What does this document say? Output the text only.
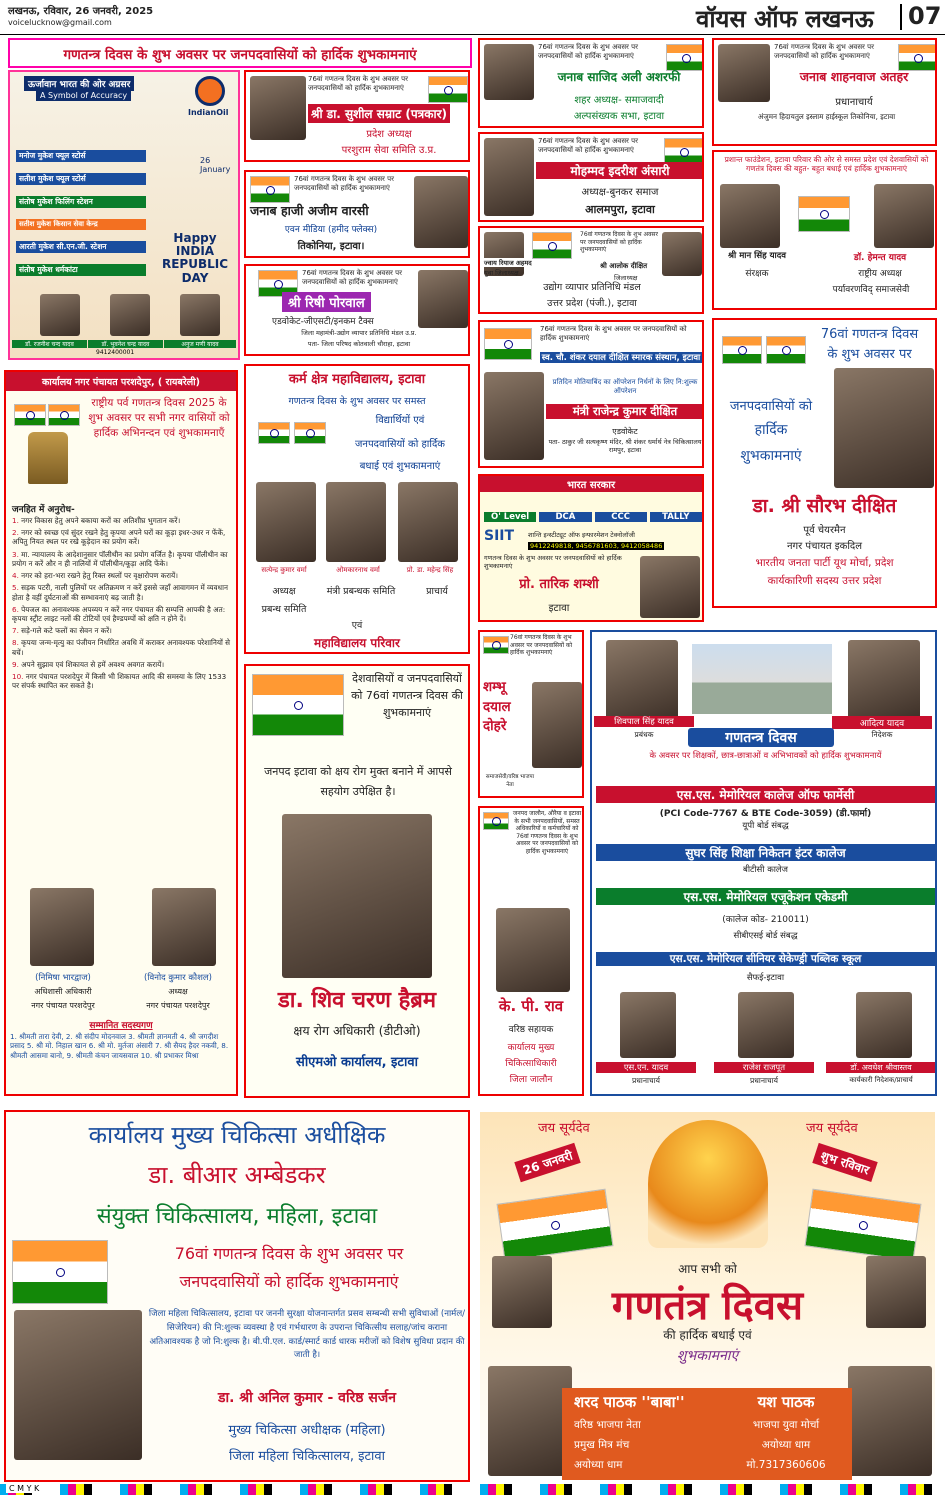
लखनऊ, रविवार, 26 जनवरी, 2025
voicelucknow@gmail.com	वॉयस ऑफ लखनऊ 07
गणतन्त्र दिवस के शुभ अवसर पर जनपदवासियों को हार्दिक शुभकामनाएं
ऊर्जावान भारत की ओर अग्रसर
A Symbol of Accuracy
IndianOil
मनोज मुकेश फ्यूल स्टोर्स
सतीश मुकेश फ्यूल स्टोर्स
संतोष मुकेश फिलिंग स्टेशन
सतीश मुकेश किसान सेवा केन्द्र
आरती मुकेश सी.एन.जी. स्टेशन
संतोष मुकेश धर्मकांटा
26 January
Happy INDIA REPUBLIC DAY
डॉ. रजनीश चन्द यादव	डॉ. भुवनेश चन्द्र यादव	अनुज मणी यादव
9412400001
76वां गणतन्त्र दिवस के शुभ अवसर पर जनपदवासियों को हार्दिक शुभकामनाएं
श्री डा. सुशील सम्राट (पत्रकार)
प्रदेश अध्यक्ष
परशुराम सेवा समिति उ.प्र.
76वां गणतन्त्र दिवस के शुभ अवसर पर जनपदवासियों को हार्दिक शुभकामनाएं
जनाब हाजी अजीम वारसी
एवन मीडिया (हमीद फ्लेक्स)
तिकोनिया, इटावा।
76वां गणतन्त्र दिवस के शुभ अवसर पर जनपदवासियों को हार्दिक शुभकामनाएं
श्री रिषी पोरवाल
एडवोकेट-जीएसटी/इनकम टैक्स
जिला महामंत्री-उद्योग व्यापार प्रतिनिधि मंडल उ.प्र.
पता- जिला परिषद कोतवाली चौराहा, इटावा
76वां गणतन्त्र दिवस के शुभ अवसर पर जनपदवासियों को हार्दिक शुभकामनाएं
जनाब साजिद अली अशरफी
शहर अध्यक्ष- समाजवादी
अल्पसंख्यक सभा, इटावा
76वां गणतन्त्र दिवस के शुभ अवसर पर जनपदवासियों को हार्दिक शुभकामनाएं
जनाब शाहनवाज अतहर
प्रधानाचार्य
अंजुमन हिदायतुल इस्लाम हाईस्कूल तिकोनिया, इटावा
76वां गणतन्त्र दिवस के शुभ अवसर पर जनपदवासियों को हार्दिक शुभकामनाएं
मोहम्मद इदरीश अंसारी
अध्यक्ष-बुनकर समाज
आलमपुरा, इटावा
प्रशान्त फाउंडेशन, इटावा परिवार की ओर से समस्त प्रदेश एवं देशवासियों को गणतंत्र दिवस की बहुत- बहुत बधाई एवं हार्दिक शुभकामनाएं
श्री मान सिंह यादव
संरक्षक
डॉ. हेमन्त यादव
राष्ट्रीय अध्यक्ष
पर्यावरणविद् समाजसेवी
76वां गणतन्त्र दिवस के शुभ अवसर पर जनपदवासियों को हार्दिक शुभकामनाएं
ज्वाय रियाज अहमद
युवा जिलाध्यक्ष
श्री आलोक दीक्षित
जिलाध्यक्ष
उद्योग व्यापार प्रतिनिधि मंडल
उत्तर प्रदेश (पंजी.), इटावा
76वां गणतन्त्र दिवस के शुभ अवसर पर जनपदवासियों को हार्दिक शुभकामनाएं
स्व. चौ. शंकर दयाल दीक्षित स्मारक संस्थान, इटावा
प्रतिदिन मोतियाबिंद का ऑपरेशन निर्धनों के लिए नि:शुल्क ऑपरेशन
मंत्री राजेन्द्र कुमार दीक्षित
एडवोकेट
पता- ठाकुर जी सत्यकृष्ण मंदिर, श्री शंकर धर्मार्थ नेत्र चिकित्सालय रामपुर, इटावा
76वां गणतन्त्र दिवस
के शुभ अवसर पर
जनपदवासियों को
हार्दिक
शुभकामनाएं
डा. श्री सौरभ दीक्षित
पूर्व चेयरमैन
नगर पंचायत इकदिल
भारतीय जनता पार्टी यूथ मोर्चा, प्रदेश
कार्यकारिणी सदस्य उत्तर प्रदेश
कार्यालय नगर पंचायत परशदेपुर, ( रायबरेली)
राष्ट्रीय पर्व गणतन्त्र दिवस 2025 के शुभ अवसर पर सभी नगर वासियों को हार्दिक अभिनन्दन एवं शुभकामनाएँ
जनहित में अनुरोध-
1. नगर विकास हेतु अपने बकाया करों का अतिशीघ्र भुगतान करें।
2. नगर को स्वच्छ एवं सुंदर रखने हेतु कृपया अपने घरों का कूड़ा इधर-उधर न फेंकें, अपितु नियत स्थल पर रखे कूड़ेदान का प्रयोग करें।
3. मा. न्यायालय के आदेशानुसार पॉलीथीन का प्रयोग वर्जित है। कृपया पॉलीथीन का प्रयोग न करें और न ही नालियों में पॉलीथीन/कूड़ा आदि फेंके।
4. नगर को हरा-भरा रखने हेतु रिक्त स्थलों पर वृक्षारोपण करायें।
5. सड़क पटरी, नाली पुलियों पर अतिक्रमण न करें इससे जहाँ आवागमन में व्यवधान होता है वहीं दुर्घटनाओं की सम्भावनाएं बढ़ जाती है।
6. पेयजल का अनावश्यक अपव्यय न करें नगर पंचायत की सम्पत्ति आपकी है अत: कृपया स्ट्रीट लाइट नलों की टोटियों एवं हैण्डपम्पों को क्षति न होने दें।
7. सड़े-गले कटे फलों का सेवन न करें।
8. कृपया जन्म-मृत्यु का पंजीयन निर्धारित अवधि में कराकर अनावश्यक परेशानियों से बचें।
9. अपने सुझाव एवं शिकायत से हमें अवश्य अवगत करायें।
10. नगर पंचायत परशदेपुर में किसी भी शिकायत आदि की समस्या के लिए 1533 पर संपर्क स्थापित कर सकते है।
(निमिषा भारद्वाज)
अधिशासी अधिकारी
नगर पंचायत परशदेपुर
(विनोद कुमार कौशल)
अध्यक्ष
नगर पंचायत परशदेपुर
सम्मानित सदस्यगण
1. श्रीमती तारा देवी, 2. श्री संदीप मोदनवाल 3. श्रीमती ज्ञानमती 4. श्री जगदीश प्रसाद 5. श्री मो. निहाल खान 6. श्री मो. मुर्तजा अंसारी 7. श्री सैयद हैदर नकवी, 8. श्रीमती आसमा बानो, 9. श्रीमती कंचन जायसवाल 10. श्री प्रभाकर मिश्रा
कर्म क्षेत्र महाविद्यालय, इटावा
गणतन्त्र दिवस के शुभ अवसर पर समस्त
विद्यार्थियों एवं
जनपदवासियों को हार्दिक
बधाई एवं शुभकामनाएं
सत्येन्द्र कुमार वर्मा	ओमकारनाथ वर्मा	प्रो. डा. महेन्द्र सिंह
अध्यक्ष	मंत्री प्रबन्धक समिति	प्राचार्य
प्रबन्ध समिति
एवं
महाविद्यालय परिवार
देशवासियों व जनपदवासियों को 76वां गणतन्त्र दिवस की शुभकामनाएं
जनपद इटावा को क्षय रोग मुक्त बनाने में आपसे सहयोग उपेक्षित है।
डा. शिव चरण हैब्रम
क्षय रोग अधिकारी (डीटीओ)
सीएमओ कार्यालय, इटावा
भारत सरकार
O' Level	DCA	CCC	TALLY
SIIT शान्ति इन्स्टीट्यूट ऑफ इन्फारमेशन टेक्नोलॉजी
9412249818, 9456781603, 9412058486
गणतन्त्र दिवस के शुभ अवसर पर जनपदवासियों को हार्दिक शुभकामनाएं
प्रो. तारिक शम्शी
इटावा
76वां गणतन्त्र दिवस के शुभ अवसर पर जनपदवासियों को हार्दिक शुभकामनाएं
शम्भू दयाल दोहरे
समाजसेवी/वरिष्ठ भाजपा नेता
जनपद जालौन, औरैया व इटावा के सभी जनपदवासियों, समस्त अधिकारियों व कर्मचारियों को 76वां गणतन्त्र दिवस के शुभ अवसर पर जनपदवासियों को हार्दिक शुभकामनाएं
के. पी. राव
वरिष्ठ सहायक
कार्यालय मुख्य
चिकित्साधिकारी
जिला जालौन
शिवपाल सिंह यादव
प्रबंधक
आदित्य यादव
निदेशक
गणतन्त्र दिवस
के अवसर पर शिक्षकों, छात्र-छात्राओं व अभिभावकों को हार्दिक शुभकामनायें
एस.एस. मेमोरियल कालेज ऑफ फार्मेसी
(PCI Code-7767 & BTE Code-3059) (डी.फार्मा)
यूपी बोर्ड संबद्ध
सुघर सिंह शिक्षा निकेतन इंटर कालेज
बीटीसी कालेज
एस.एस. मेमोरियल एजूकेशन एकेडमी
(कालेज कोड- 210011)
सीबीएसई बोर्ड संबद्ध
एस.एस. मेमोरियल सीनियर सेकेण्ड्री पब्लिक स्कूल
सैफई-इटावा
एस.एन. यादव
प्रधानाचार्य
राजेश राजपूत
प्रधानाचार्य
डॉ. अवधेश श्रीवास्तव
कार्यकारी निदेशक/प्राचार्य
कार्यालय मुख्य चिकित्सा अधीक्षिक
डा. बीआर अम्बेडकर
संयुक्त चिकित्सालय, महिला, इटावा
76वां गणतन्त्र दिवस के शुभ अवसर पर
जनपदवासियों को हार्दिक शुभकामनाएं
जिला महिला चिकित्सालय, इटावा पर जननी सुरक्षा योजनान्तर्गत प्रसव सम्बन्धी सभी सुविधाओं (नार्मल/सिजेरियन) की नि:शुल्क व्यवस्था है एवं गर्भधारण के उपरान्त चिकित्सीय सलाह/जांच कराना अतिआवश्यक है जो नि:शुल्क है। बी.पी.एल. कार्ड/स्मार्ट कार्ड धारक मरीजों को विशेष सुविधा प्रदान की जाती है।
डा. श्री अनिल कुमार - वरिष्ठ सर्जन
मुख्य चिकित्सा अधीक्षक (महिला)
जिला महिला चिकित्सालय, इटावा
जय सूर्यदेव	जय सूर्यदेव
26 जनवरी	शुभ रविवार
आप सभी को
गणतंत्र दिवस
की हार्दिक बधाई एवं
शुभकामनाएं
शरद पाठक ''बाबा''
वरिष्ठ भाजपा नेता
प्रमुख मित्र मंच
अयोध्या धाम
यश पाठक
भाजपा युवा मोर्चा
अयोध्या धाम
मो.7317360606
C M Y K
